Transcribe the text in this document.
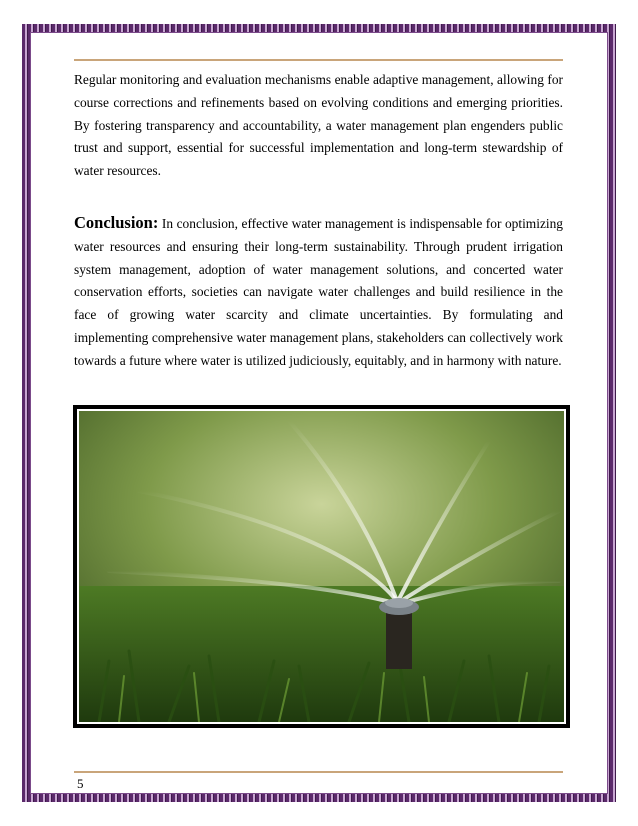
Regular monitoring and evaluation mechanisms enable adaptive management, allowing for course corrections and refinements based on evolving conditions and emerging priorities. By fostering transparency and accountability, a water management plan engenders public trust and support, essential for successful implementation and long-term stewardship of water resources.

Conclusion: In conclusion, effective water management is indispensable for optimizing water resources and ensuring their long-term sustainability. Through prudent irrigation system management, adoption of water management solutions, and concerted water conservation efforts, societies can navigate water challenges and build resilience in the face of growing water scarcity and climate uncertainties. By formulating and implementing comprehensive water management plans, stakeholders can collectively work towards a future where water is utilized judiciously, equitably, and in harmony with nature.

5
